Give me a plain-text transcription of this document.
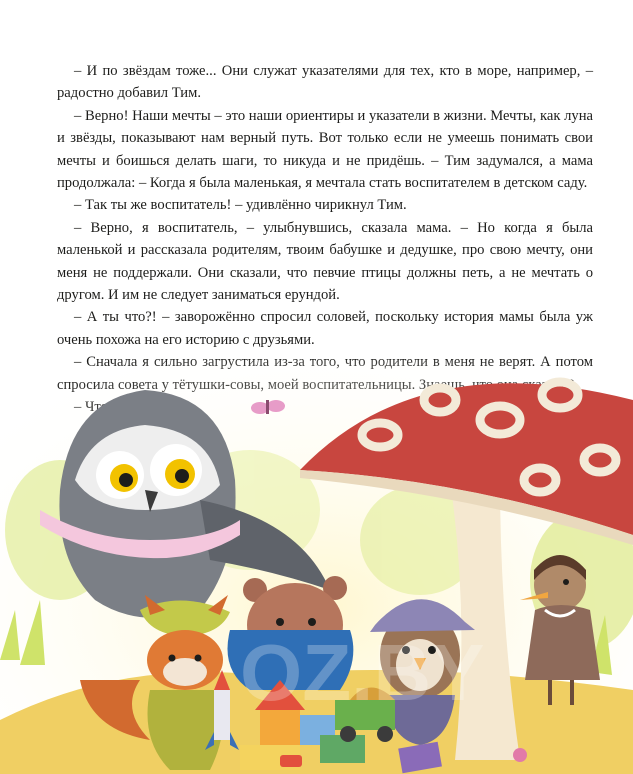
– И по звёздам тоже... Они служат указателями для тех, кто в море, например, – радостно добавил Тим.

– Верно! Наши мечты – это наши ориентиры и указатели в жизни. Мечты, как луна и звёзды, показывают нам верный путь. Вот только если не умеешь понимать свои мечты и боишься делать шаги, то никуда и не придёшь. – Тим задумался, а мама продолжала: – Когда я была маленькая, я мечтала стать воспитателем в детском саду.

– Так ты же воспитатель! – удивлённо чирикнул Тим.

– Верно, я воспитатель, – улыбнувшись, сказала мама. – Но когда я была маленькой и рассказала родителям, твоим бабушке и дедушке, про свою мечту, они меня не поддержали. Они сказали, что певчие птицы должны петь, а не мечтать о другом. И им не следует заниматься ерундой.

– А ты что?! – заворожённо спросил соловей, поскольку история мамы была уж очень похожа на его историю с друзьями.

OZ.BY
